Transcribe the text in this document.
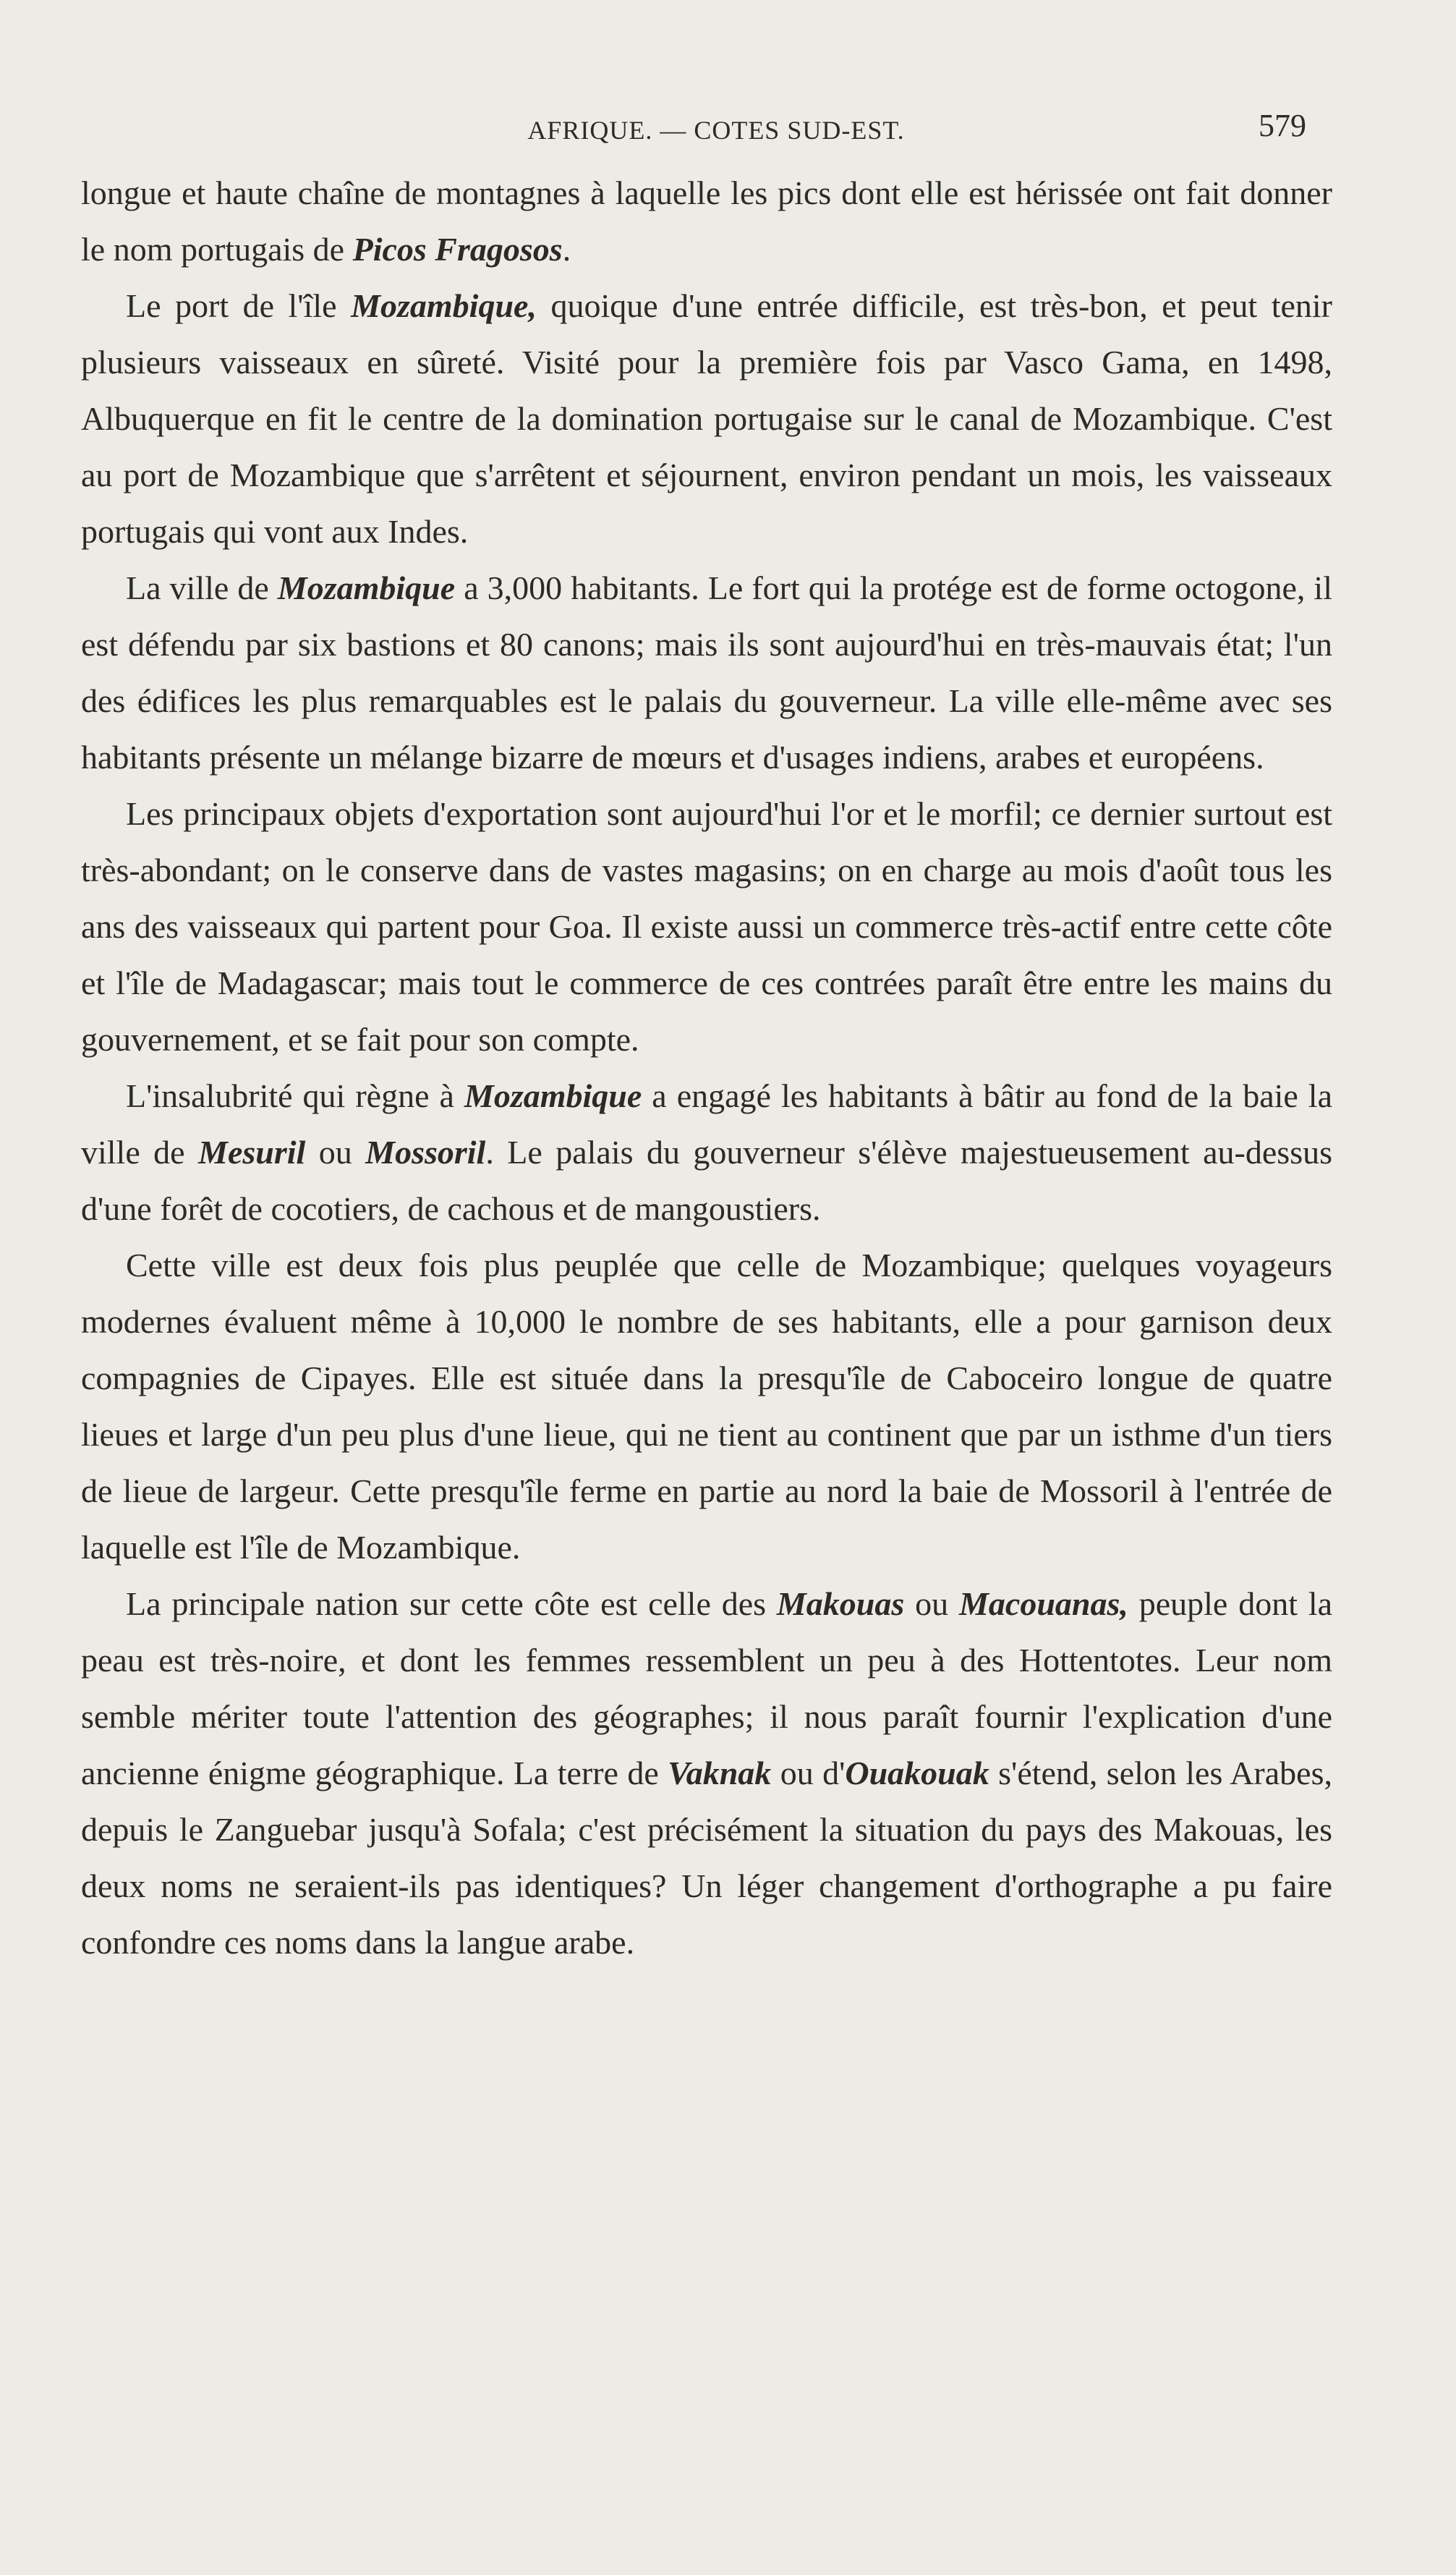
AFRIQUE. — COTES SUD-EST.	579

longue et haute chaîne de montagnes à laquelle les pics dont elle est hérissée ont fait donner le nom portugais de Picos Fragosos.

Le port de l'île Mozambique, quoique d'une entrée difficile, est très-bon, et peut tenir plusieurs vaisseaux en sûreté. Visité pour la première fois par Vasco Gama, en 1498, Albuquerque en fit le centre de la domination portugaise sur le canal de Mozambique. C'est au port de Mozambique que s'arrêtent et séjournent, environ pendant un mois, les vaisseaux portugais qui vont aux Indes.

La ville de Mozambique a 3,000 habitants. Le fort qui la protége est de forme octogone, il est défendu par six bastions et 80 canons; mais ils sont aujourd'hui en très-mauvais état; l'un des édifices les plus remarquables est le palais du gouverneur. La ville elle-même avec ses habitants présente un mélange bizarre de mœurs et d'usages indiens, arabes et européens.

Les principaux objets d'exportation sont aujourd'hui l'or et le morfil; ce dernier surtout est très-abondant; on le conserve dans de vastes magasins; on en charge au mois d'août tous les ans des vaisseaux qui partent pour Goa. Il existe aussi un commerce très-actif entre cette côte et l'île de Madagascar; mais tout le commerce de ces contrées paraît être entre les mains du gouvernement, et se fait pour son compte.

L'insalubrité qui règne à Mozambique a engagé les habitants à bâtir au fond de la baie la ville de Mesuril ou Mossoril. Le palais du gouverneur s'élève majestueusement au-dessus d'une forêt de cocotiers, de cachous et de mangoustiers.

Cette ville est deux fois plus peuplée que celle de Mozambique; quelques voyageurs modernes évaluent même à 10,000 le nombre de ses habitants, elle a pour garnison deux compagnies de Cipayes. Elle est située dans la presqu'île de Caboceiro longue de quatre lieues et large d'un peu plus d'une lieue, qui ne tient au continent que par un isthme d'un tiers de lieue de largeur. Cette presqu'île ferme en partie au nord la baie de Mossoril à l'entrée de laquelle est l'île de Mozambique.

La principale nation sur cette côte est celle des Makouas ou Macouanas, peuple dont la peau est très-noire, et dont les femmes ressemblent un peu à des Hottentotes. Leur nom semble mériter toute l'attention des géographes; il nous paraît fournir l'explication d'une ancienne énigme géographique. La terre de Vaknak ou d'Ouakouak s'étend, selon les Arabes, depuis le Zanguebar jusqu'à Sofala; c'est précisément la situation du pays des Makouas, les deux noms ne seraient-ils pas identiques? Un léger changement d'orthographe a pu faire confondre ces noms dans la langue arabe.
